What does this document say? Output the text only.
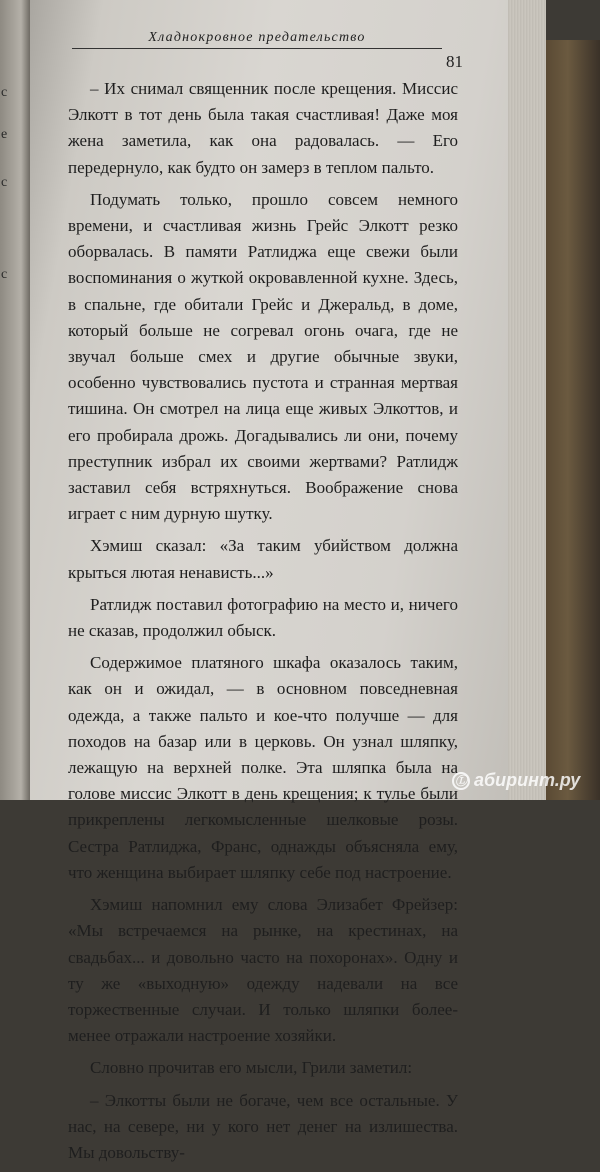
с
е
с
с
Хладнокровное предательство
81

– Их снимал священник после крещения. Миссис Элкотт в тот день была такая счастливая! Даже моя жена заметила, как она радовалась. — Его передернуло, как будто он замерз в теплом пальто.

Подумать только, прошло совсем немного времени, и счастливая жизнь Грейс Элкотт резко оборвалась. В памяти Ратлиджа еще свежи были воспоминания о жуткой окровавленной кухне. Здесь, в спальне, где обитали Грейс и Джеральд, в доме, который больше не согревал огонь очага, где не звучал больше смех и другие обычные звуки, особенно чувствовались пустота и странная мертвая тишина. Он смотрел на лица еще живых Элкоттов, и его пробирала дрожь. Догадывались ли они, почему преступник избрал их своими жертвами? Ратлидж заставил себя встряхнуться. Воображение снова играет с ним дурную шутку.

Хэмиш сказал: «За таким убийством должна крыться лютая ненависть...»

Ратлидж поставил фотографию на место и, ничего не сказав, продолжил обыск.

Содержимое платяного шкафа оказалось таким, как он и ожидал, — в основном повседневная одежда, а также пальто и кое-что получше — для походов на базар или в церковь. Он узнал шляпку, лежащую на верхней полке. Эта шляпка была на голове миссис Элкотт в день крещения; к тулье были прикреплены легкомысленные шелковые розы. Сестра Ратлиджа, Франс, однажды объясняла ему, что женщина выбирает шляпку себе под настроение.

Хэмиш напомнил ему слова Элизабет Фрейзер: «Мы встречаемся на рынке, на крестинах, на свадьбах... и довольно часто на похоронах». Одну и ту же «выходную» одежду надевали на все торжественные случаи. И только шляпки более-менее отражали настроение хозяйки.

Словно прочитав его мысли, Грили заметил:

– Элкотты были не богаче, чем все остальные. У нас, на севере, ни у кого нет денег на излишества. Мы довольству-

Ⓛ абиринт.ру
